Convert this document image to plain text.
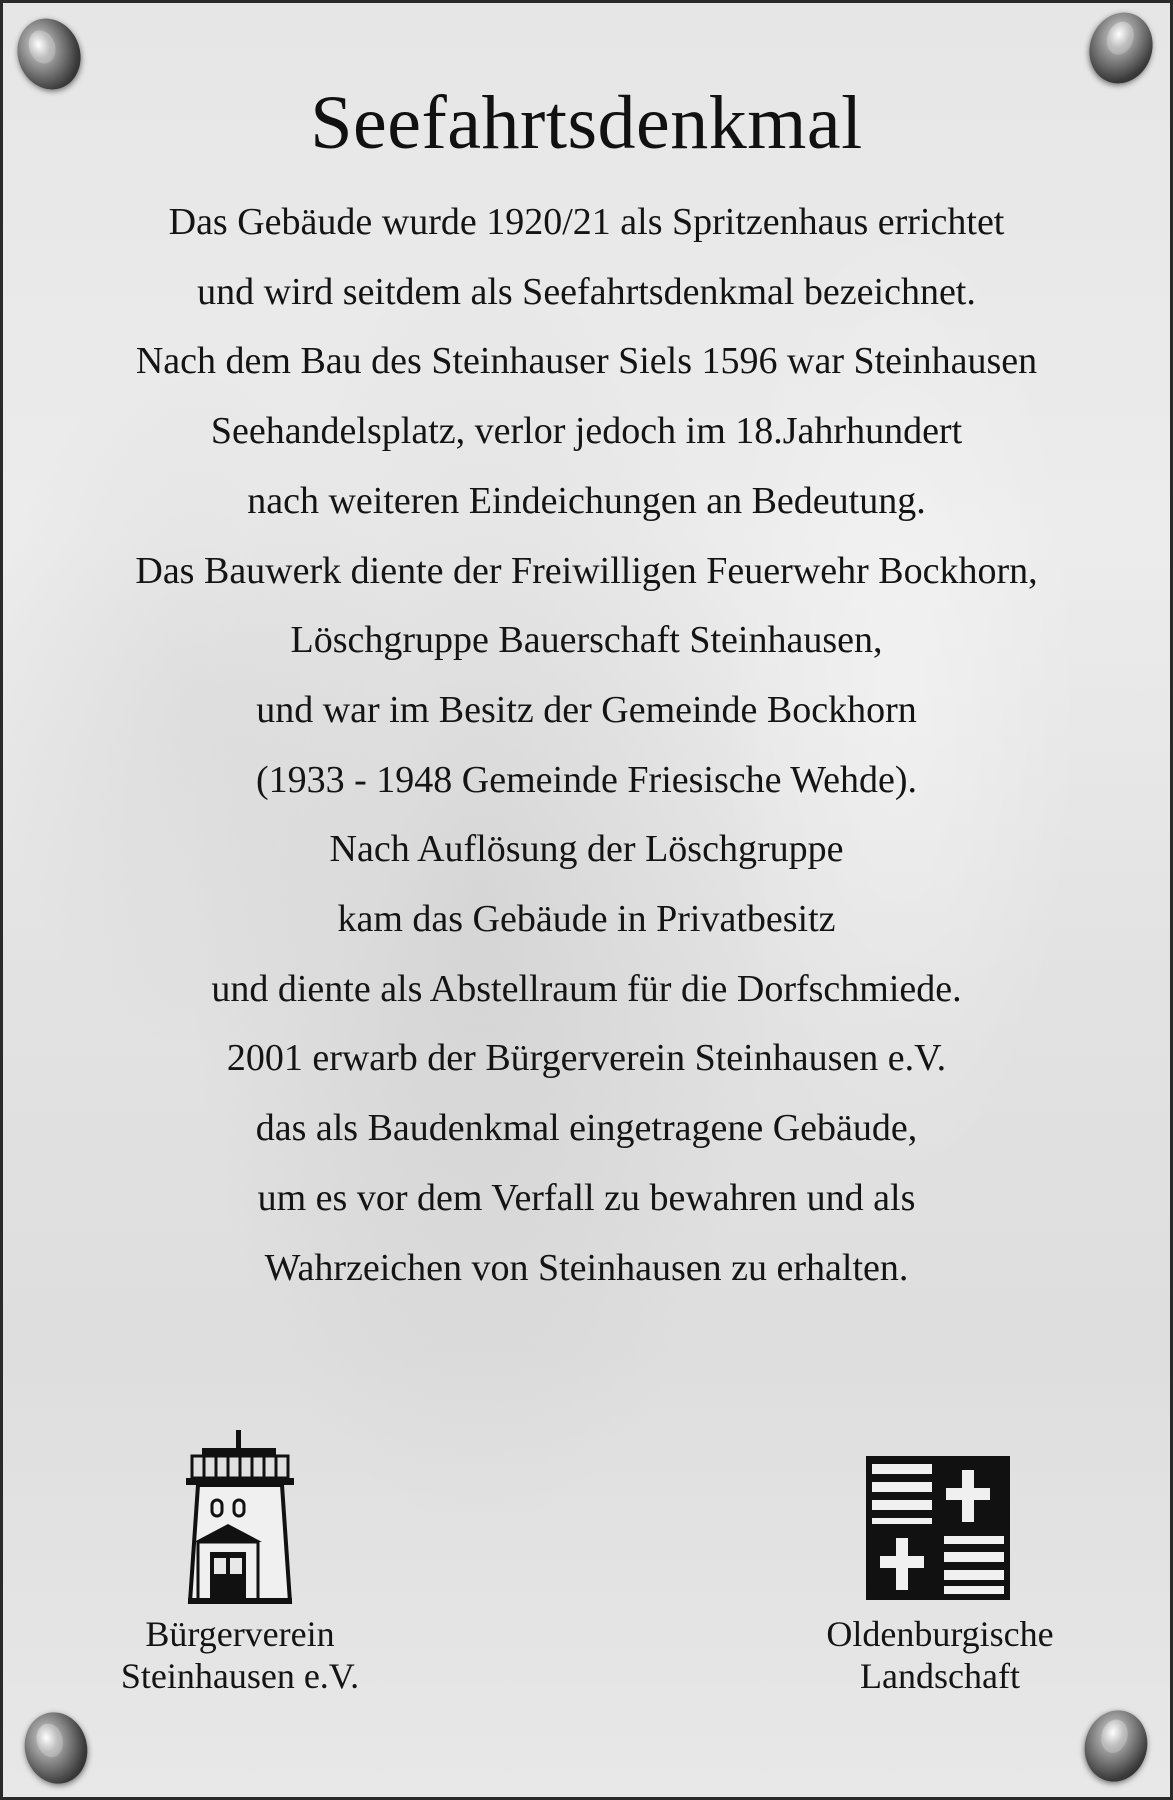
Seefahrtsdenkmal
Das Gebäude wurde 1920/21 als Spritzenhaus errichtet
und wird seitdem als Seefahrtsdenkmal bezeichnet.
Nach dem Bau des Steinhauser Siels 1596 war Steinhausen
Seehandelsplatz, verlor jedoch im 18.Jahrhundert
nach weiteren Eindeichungen an Bedeutung.
Das Bauwerk diente der Freiwilligen Feuerwehr Bockhorn,
Löschgruppe Bauerschaft Steinhausen,
und war im Besitz der Gemeinde Bockhorn
(1933 - 1948 Gemeinde Friesische Wehde).
Nach Auflösung der Löschgruppe
kam das Gebäude in Privatbesitz
und diente als Abstellraum für die Dorfschmiede.
2001 erwarb der Bürgerverein Steinhausen e.V.
das als Baudenkmal eingetragene Gebäude,
um es vor dem Verfall zu bewahren und als
Wahrzeichen von Steinhausen zu erhalten.
Bürgerverein
Steinhausen e.V.
Oldenburgische
Landschaft
